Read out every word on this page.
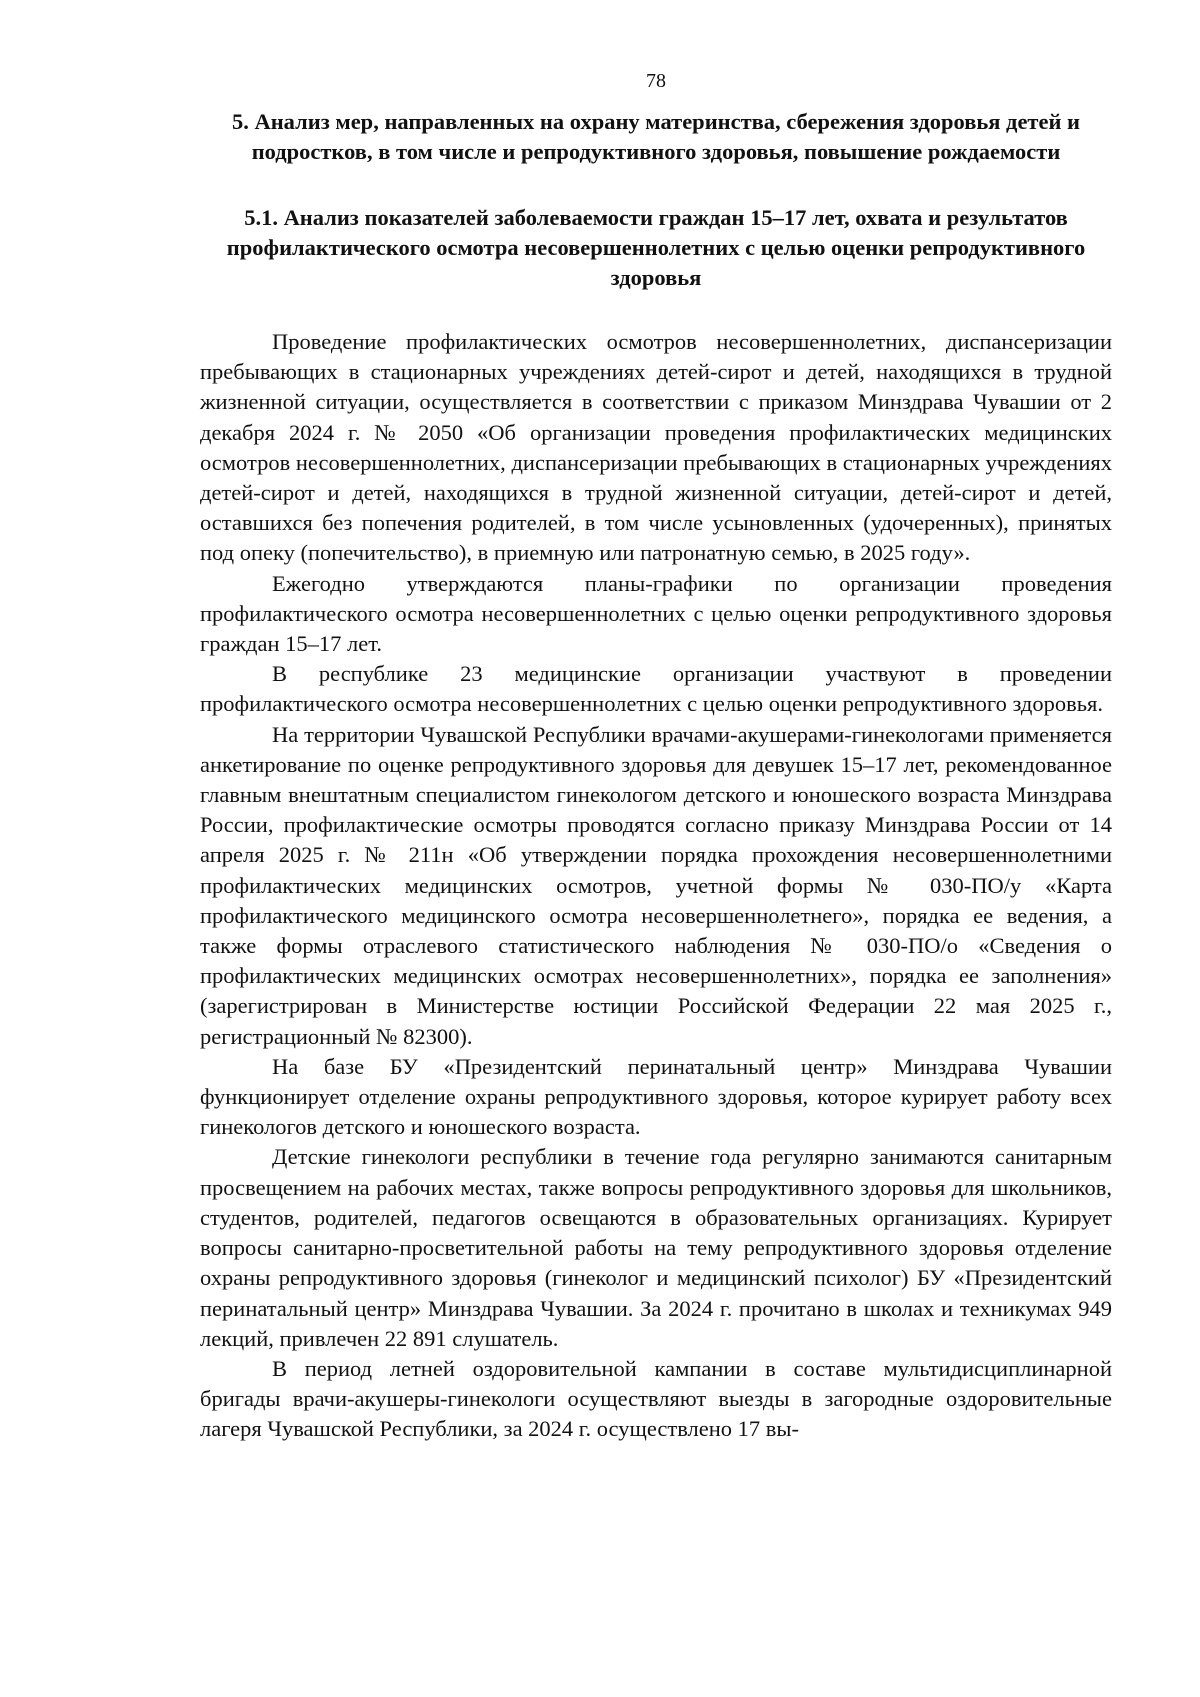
78
5. Анализ мер, направленных на охрану материнства, сбережения здоровья детей и подростков, в том числе и репродуктивного здоровья, повышение рождаемости
5.1. Анализ показателей заболеваемости граждан 15–17 лет, охвата и результатов профилактического осмотра несовершеннолетних с целью оценки репродуктивного здоровья

Проведение профилактических осмотров несовершеннолетних, диспансеризации пребывающих в стационарных учреждениях детей-сирот и детей, находящихся в трудной жизненной ситуации, осуществляется в соответствии с приказом Минздрава Чувашии от 2 декабря 2024 г. № 2050 «Об организации проведения профилактических медицинских осмотров несовершеннолетних, диспансеризации пребывающих в стационарных учреждениях детей-сирот и детей, находящихся в трудной жизненной ситуации, детей-сирот и детей, оставшихся без попечения родителей, в том числе усыновленных (удочеренных), принятых под опеку (попечительство), в приемную или патронатную семью, в 2025 году».

Ежегодно утверждаются планы-графики по организации проведения профилактического осмотра несовершеннолетних с целью оценки репродуктивного здоровья граждан 15–17 лет.

В республике 23 медицинские организации участвуют в проведении профилактического осмотра несовершеннолетних с целью оценки репродуктивного здоровья.

На территории Чувашской Республики врачами-акушерами-гинекологами применяется анкетирование по оценке репродуктивного здоровья для девушек 15–17 лет, рекомендованное главным внештатным специалистом гинекологом детского и юношеского возраста Минздрава России, профилактические осмотры проводятся согласно приказу Минздрава России от 14 апреля 2025 г. № 211н «Об утверждении порядка прохождения несовершеннолетними профилактических медицинских осмотров, учетной формы № 030-ПО/у «Карта профилактического медицинского осмотра несовершеннолетнего», порядка ее ведения, а также формы отраслевого статистического наблюдения № 030-ПО/о «Сведения о профилактических медицинских осмотрах несовершеннолетних», порядка ее заполнения» (зарегистрирован в Министерстве юстиции Российской Федерации 22 мая 2025 г., регистрационный № 82300).

На базе БУ «Президентский перинатальный центр» Минздрава Чувашии функционирует отделение охраны репродуктивного здоровья, которое курирует работу всех гинекологов детского и юношеского возраста.

Детские гинекологи республики в течение года регулярно занимаются санитарным просвещением на рабочих местах, также вопросы репродуктивного здоровья для школьников, студентов, родителей, педагогов освещаются в образовательных организациях. Курирует вопросы санитарно-просветительной работы на тему репродуктивного здоровья отделение охраны репродуктивного здоровья (гинеколог и медицинский психолог) БУ «Президентский перинатальный центр» Минздрава Чувашии. За 2024 г. прочитано в школах и техникумах 949 лекций, привлечен 22 891 слушатель.

В период летней оздоровительной кампании в составе мультидисциплинарной бригады врачи-акушеры-гинекологи осуществляют выезды в загородные оздоровительные лагеря Чувашской Республики, за 2024 г. осуществлено 17 вы-
